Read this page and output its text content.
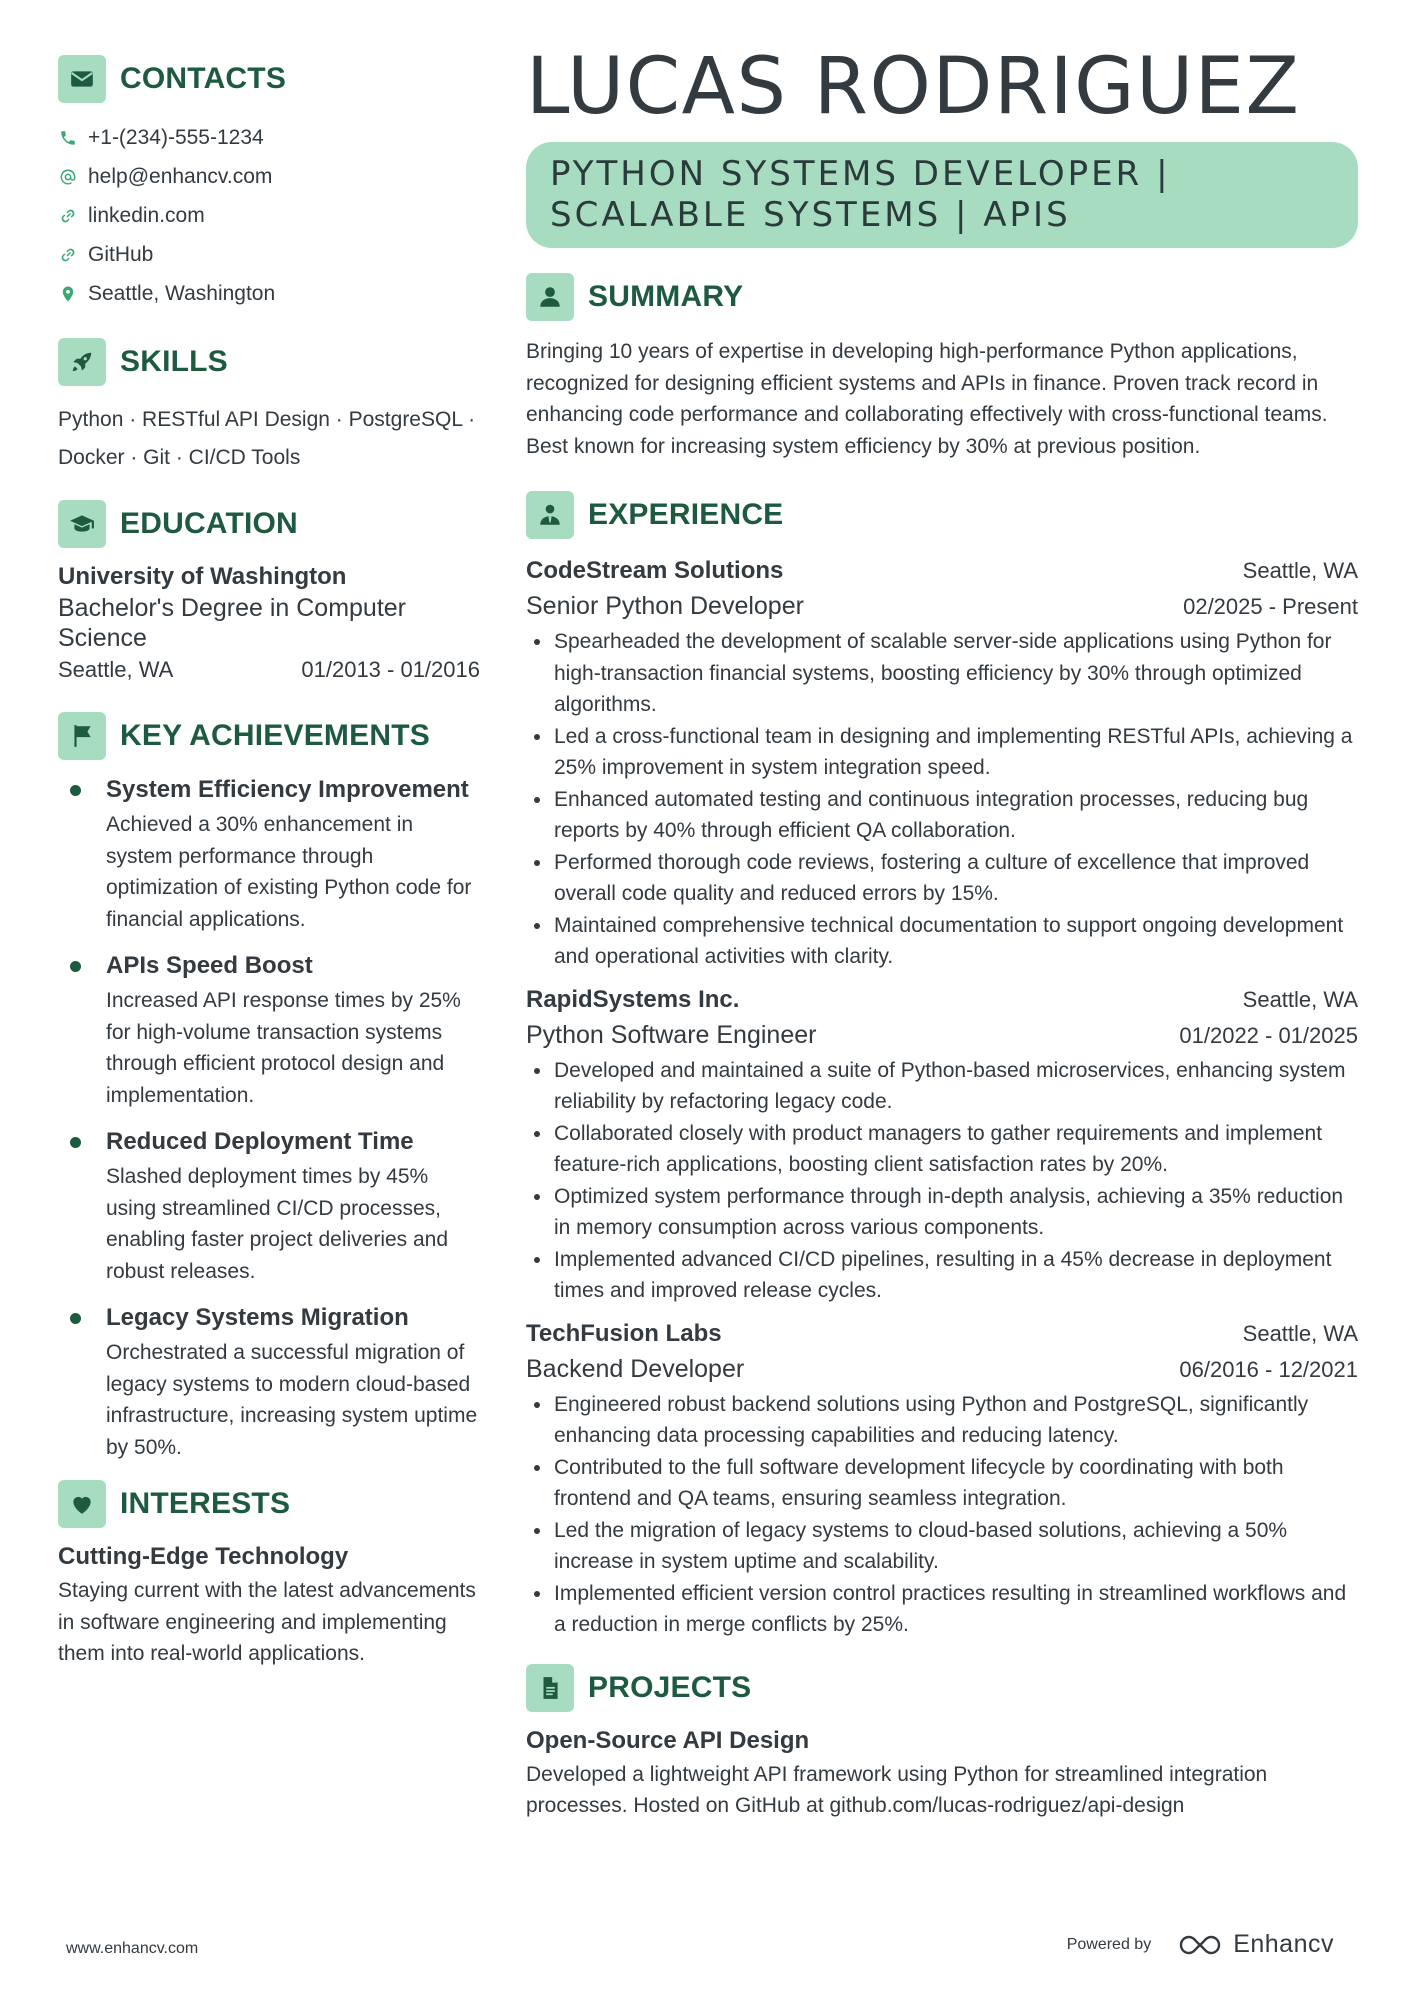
CONTACTS
+1-(234)-555-1234
help@enhancv.com
linkedin.com
GitHub
Seattle, Washington
SKILLS
Python · RESTful API Design · PostgreSQL ·
Docker · Git · CI/CD Tools
EDUCATION
University of Washington
Bachelor's Degree in Computer Science
Seattle, WA	01/2013 - 01/2016
KEY ACHIEVEMENTS
System Efficiency Improvement
Achieved a 30% enhancement in system performance through optimization of existing Python code for financial applications.
APIs Speed Boost
Increased API response times by 25% for high-volume transaction systems through efficient protocol design and implementation.
Reduced Deployment Time
Slashed deployment times by 45% using streamlined CI/CD processes, enabling faster project deliveries and robust releases.
Legacy Systems Migration
Orchestrated a successful migration of legacy systems to modern cloud-based infrastructure, increasing system uptime by 50%.
INTERESTS
Cutting-Edge Technology
Staying current with the latest advancements in software engineering and implementing them into real-world applications.
LUCAS RODRIGUEZ
PYTHON SYSTEMS DEVELOPER | SCALABLE SYSTEMS | APIS
SUMMARY
Bringing 10 years of expertise in developing high-performance Python applications, recognized for designing efficient systems and APIs in finance. Proven track record in enhancing code performance and collaborating effectively with cross-functional teams. Best known for increasing system efficiency by 30% at previous position.
EXPERIENCE
CodeStream Solutions	Seattle, WA
Senior Python Developer	02/2025 - Present
Spearheaded the development of scalable server-side applications using Python for high-transaction financial systems, boosting efficiency by 30% through optimized algorithms.
Led a cross-functional team in designing and implementing RESTful APIs, achieving a 25% improvement in system integration speed.
Enhanced automated testing and continuous integration processes, reducing bug reports by 40% through efficient QA collaboration.
Performed thorough code reviews, fostering a culture of excellence that improved overall code quality and reduced errors by 15%.
Maintained comprehensive technical documentation to support ongoing development and operational activities with clarity.
RapidSystems Inc.	Seattle, WA
Python Software Engineer	01/2022 - 01/2025
Developed and maintained a suite of Python-based microservices, enhancing system reliability by refactoring legacy code.
Collaborated closely with product managers to gather requirements and implement feature-rich applications, boosting client satisfaction rates by 20%.
Optimized system performance through in-depth analysis, achieving a 35% reduction in memory consumption across various components.
Implemented advanced CI/CD pipelines, resulting in a 45% decrease in deployment times and improved release cycles.
TechFusion Labs	Seattle, WA
Backend Developer	06/2016 - 12/2021
Engineered robust backend solutions using Python and PostgreSQL, significantly enhancing data processing capabilities and reducing latency.
Contributed to the full software development lifecycle by coordinating with both frontend and QA teams, ensuring seamless integration.
Led the migration of legacy systems to cloud-based solutions, achieving a 50% increase in system uptime and scalability.
Implemented efficient version control practices resulting in streamlined workflows and a reduction in merge conflicts by 25%.
PROJECTS
Open-Source API Design
Developed a lightweight API framework using Python for streamlined integration processes. Hosted on GitHub at github.com/lucas-rodriguez/api-design
www.enhancv.com	Powered by	Enhancv
